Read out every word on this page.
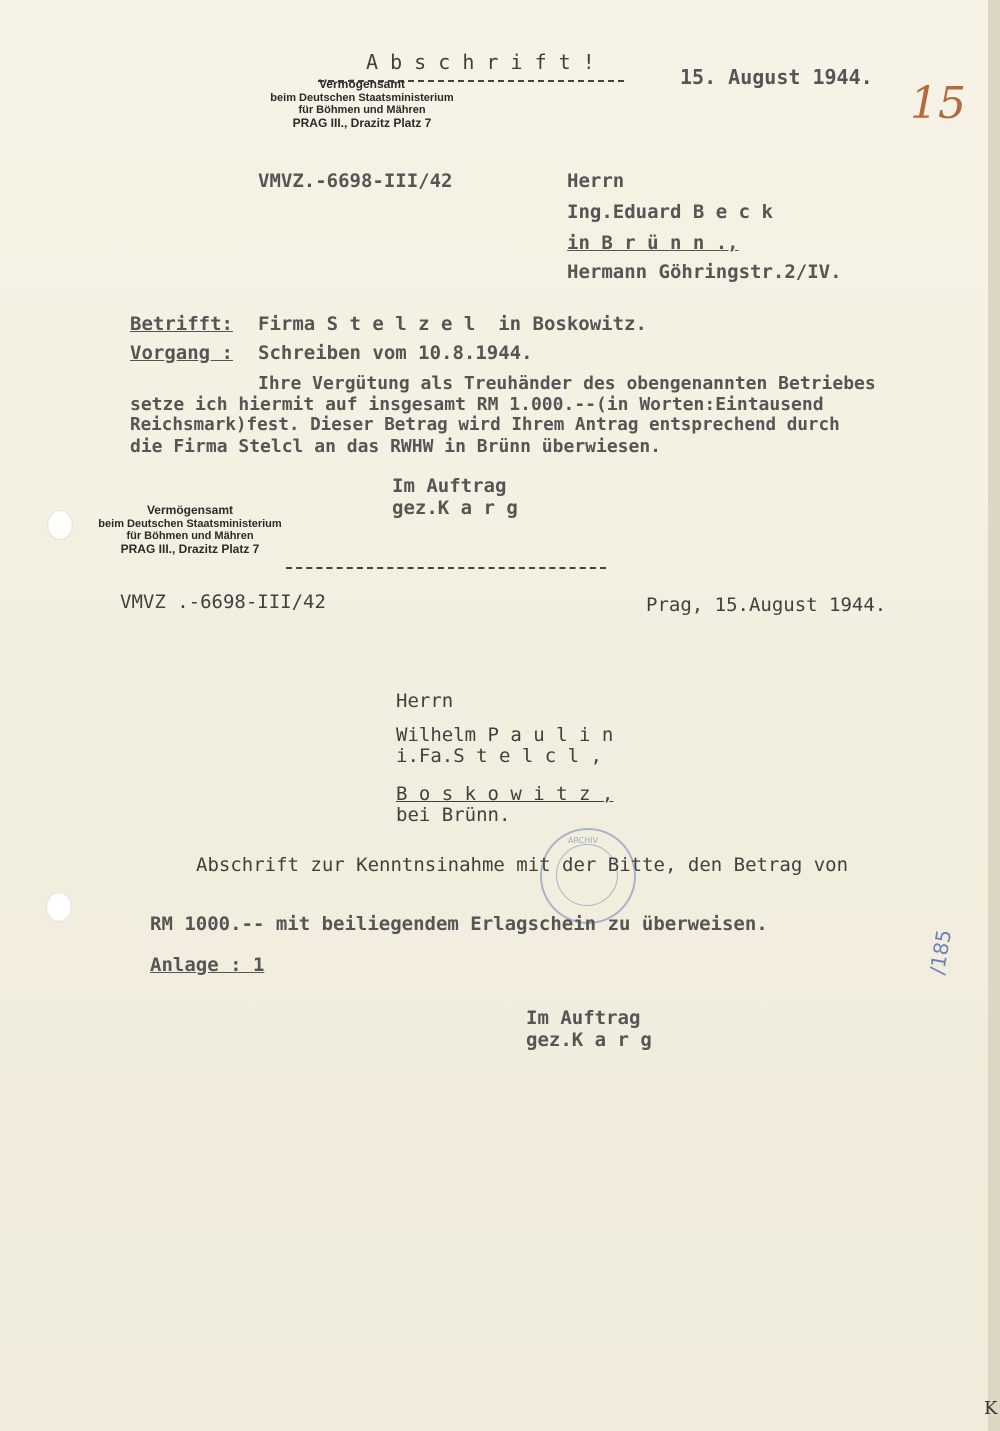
A b s c h r i f t !
15. August 1944.
Vermögensamt
beim Deutschen Staatsministerium
für Böhmen und Mähren
PRAG III., Drazitz Platz 7
VMVZ.-6698-III/42	Herrn
Ing.Eduard B e c k
in B r ü n n .,
Hermann Göhringstr.2/IV.
Betrifft: Firma S t e l z e l  in Boskowitz.
Vorgang : Schreiben vom 10.8.1944.
Ihre Vergütung als Treuhänder des obengenannten Betriebes
setze ich hiermit auf insgesamt RM 1.000.--(in Worten:Eintausend
Reichsmark)fest. Dieser Betrag wird Ihrem Antrag entsprechend durch
die Firma Stelcl an das RWHW in Brünn überwiesen.
Im Auftrag
gez.K a r g
Vermögensamt
beim Deutschen Staatsministerium
für Böhmen und Mähren
PRAG III., Drazitz Platz 7
VMVZ .-6698-III/42	Prag, 15.August 1944.
Herrn
Wilhelm P a u l i n
i.Fa.S t e l c l ,
B o s k o w i t z ,
bei Brünn.
ARCHIV
Abschrift zur Kenntnsinahme mit der Bitte, den Betrag von
RM 1000.-- mit beiliegendem Erlagschein zu überweisen.
Anlage : 1
Im Auftrag
gez.K a r g
15
/185
K
